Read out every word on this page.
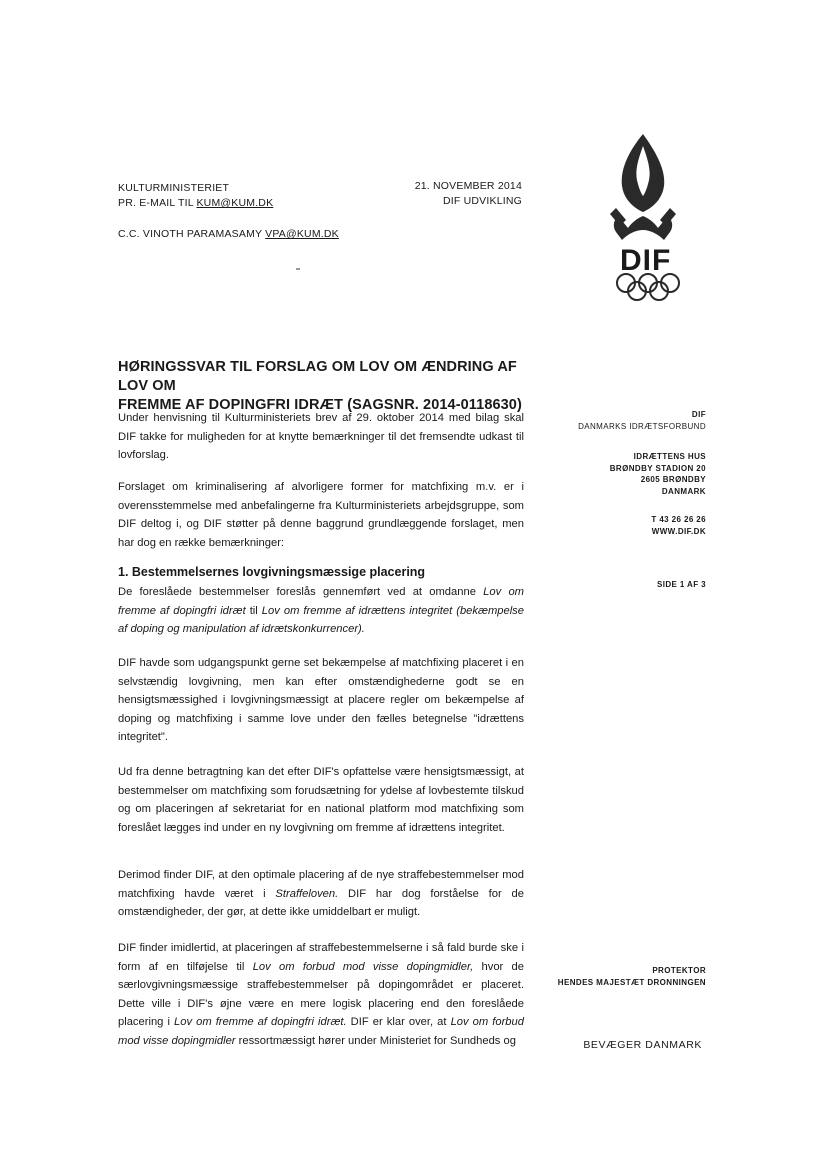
KULTURMINISTERIET
PR. E-MAIL TIL KUM@KUM.DK
C.C. VINOTH PARAMASAMY VPA@KUM.DK
21. NOVEMBER 2014
DIF UDVIKLING
DIF
HØRINGSSVAR TIL FORSLAG OM LOV OM ÆNDRING AF LOV OM
FREMME AF DOPINGFRI IDRÆT (SAGSNR. 2014-0118630)
DIF
DANMARKS IDRÆTSFORBUND
IDRÆTTENS HUS
BRØNDBY STADION 20
2605 BRØNDBY
DANMARK
T 43 26 26 26
WWW.DIF.DK
SIDE 1 AF 3
PROTEKTOR
HENDES MAJESTÆT DRONNINGEN
BEVÆGER DANMARK
Under henvisning til Kulturministeriets brev af 29. oktober 2014 med bilag skal DIF takke for muligheden for at knytte bemærkninger til det fremsendte udkast til lovforslag.
Forslaget om kriminalisering af alvorligere former for matchfixing m.v. er i overensstemmelse med anbefalingerne fra Kulturministeriets arbejdsgruppe, som DIF deltog i, og DIF støtter på denne baggrund grundlæggende forslaget, men har dog en række bemærkninger:
1. Bestemmelsernes lovgivningsmæssige placering
De foreslåede bestemmelser foreslås gennemført ved at omdanne Lov om fremme af dopingfri idræt til Lov om fremme af idrættens integritet (bekæmpelse af doping og manipulation af idrætskonkurrencer).
DIF havde som udgangspunkt gerne set bekæmpelse af matchfixing placeret i en selvstændig lovgivning, men kan efter omstændighederne godt se en hensigtsmæssighed i lovgivningsmæssigt at placere regler om bekæmpelse af doping og matchfixing i samme love under den fælles betegnelse "idrættens integritet".
Ud fra denne betragtning kan det efter DIF's opfattelse være hensigtsmæssigt, at bestemmelser om matchfixing som forudsætning for ydelse af lovbestemte tilskud og om placeringen af sekretariat for en national platform mod matchfixing som foreslået lægges ind under en ny lovgivning om fremme af idrættens integritet.
Derimod finder DIF, at den optimale placering af de nye straffebestemmelser mod matchfixing havde været i Straffeloven. DIF har dog forståelse for de omstændigheder, der gør, at dette ikke umiddelbart er muligt.
DIF finder imidlertid, at placeringen af straffebestemmelserne i så fald burde ske i form af en tilføjelse til Lov om forbud mod visse dopingmidler, hvor de særlovgivningsmæssige straffebestemmelser på dopingområdet er placeret. Dette ville i DIF's øjne være en mere logisk placering end den foreslåede placering i Lov om fremme af dopingfri idræt. DIF er klar over, at Lov om forbud mod visse dopingmidler ressortmæssigt hører under Ministeriet for Sundheds og
